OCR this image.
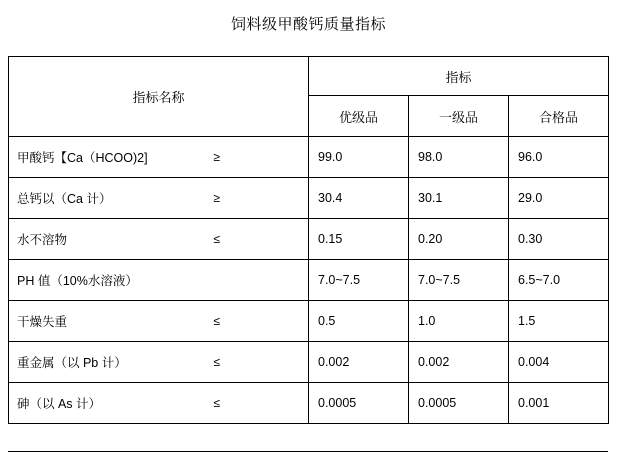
饲料级甲酸钙质量指标
指标名称	指标		
	优级品	一级品	合格品

甲酸钙【Ca（HCOO)2] ≥	99.0	98.0	96.0

总钙以（Ca 计） ≥	30.4	30.1	29.0

水不溶物 ≤	0.15	0.20	0.30

PH 值（10%水溶液）	7.0~7.5	7.0~7.5	6.5~7.0

干燥失重 ≤	0.5	1.0	1.5

重金属（以 Pb 计） ≤	0.002	0.002	0.004

砷（以 As 计） ≤	0.0005	0.0005	0.001
